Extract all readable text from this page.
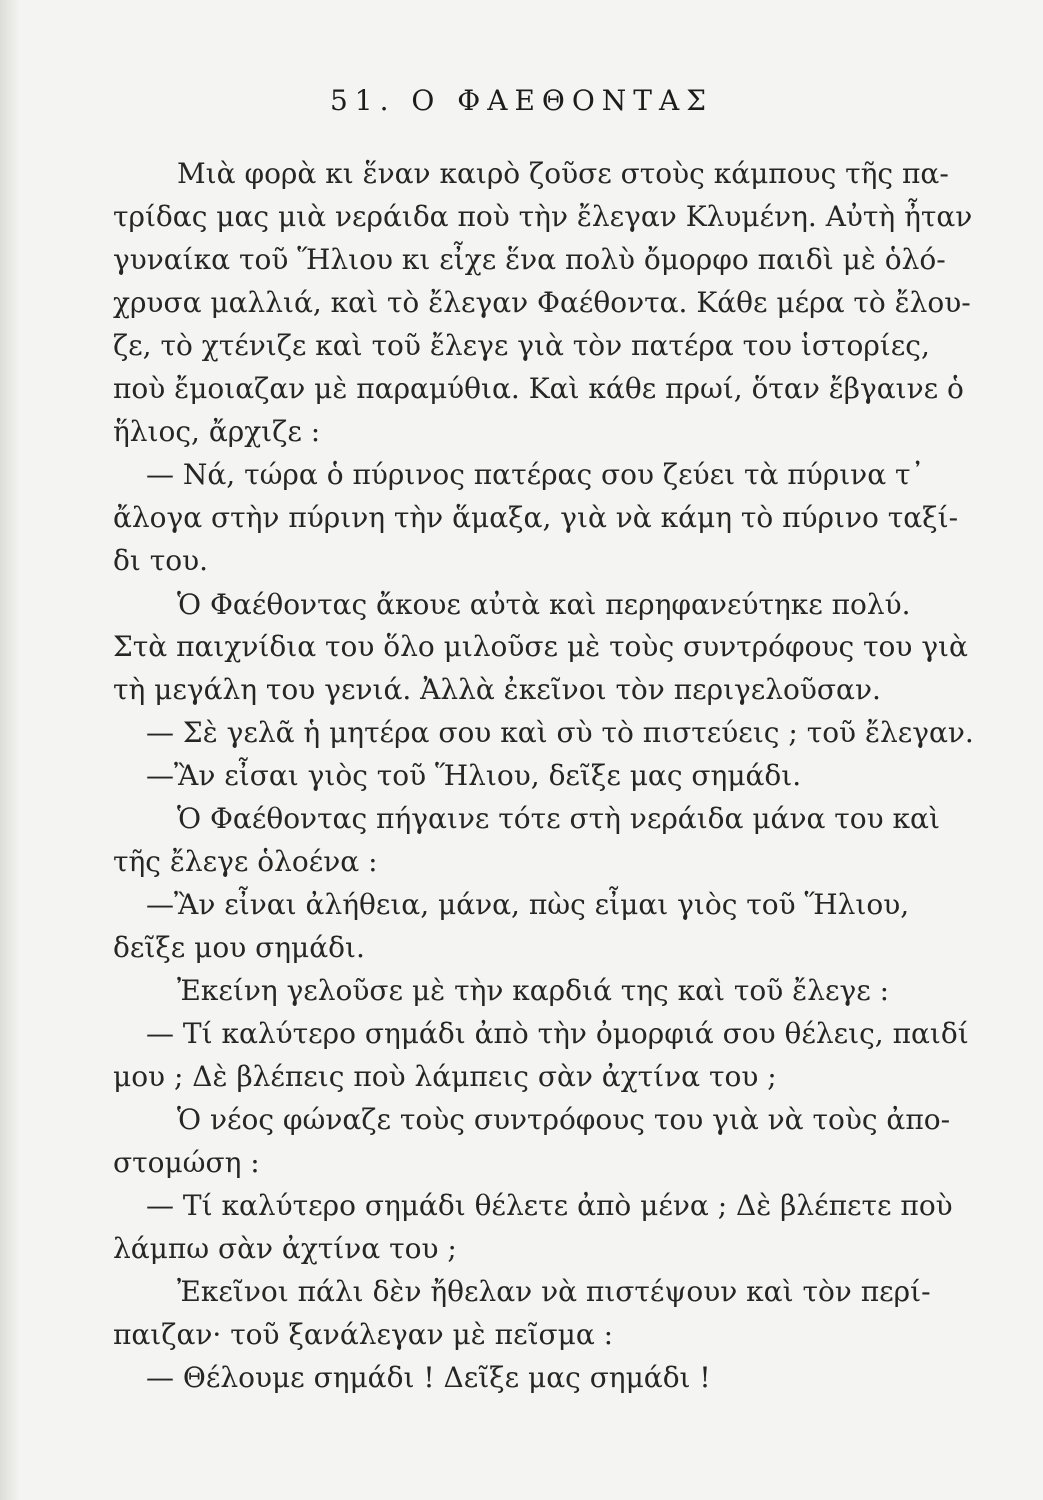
51. Ο ΦΑΕΘΟΝΤΑΣ

Μιὰ φορὰ κι ἕναν καιρὸ ζοῦσε στοὺς κάμπους τῆς πα-

τρίδας μας μιὰ νεράιδα ποὺ τὴν ἔλεγαν Κλυμένη. Αὐτὴ ἦταν

γυναίκα τοῦ Ἥλιου κι εἶχε ἕνα πολὺ ὄμορφο παιδὶ μὲ ὁλό-

χρυσα μαλλιά, καὶ τὸ ἔλεγαν Φαέθοντα. Κάθε μέρα τὸ ἔλου-

ζε, τὸ χτένιζε καὶ τοῦ ἔλεγε γιὰ τὸν πατέρα του ἱστορίες,

ποὺ ἔμοιαζαν μὲ παραμύθια. Καὶ κάθε πρωί, ὅταν ἔβγαινε ὁ

ἥλιος, ἄρχιζε :

— Νά, τώρα ὁ πύρινος πατέρας σου ζεύει τὰ πύρινα τ᾽

ἄλογα στὴν πύρινη τὴν ἅμαξα, γιὰ νὰ κάμη τὸ πύρινο ταξί-

δι του.

Ὁ Φαέθοντας ἄκουε αὐτὰ καὶ περηφανεύτηκε πολύ.

Στὰ παιχνίδια του ὅλο μιλοῦσε μὲ τοὺς συντρόφους του γιὰ

τὴ μεγάλη του γενιά. Ἀλλὰ ἐκεῖνοι τὸν περιγελοῦσαν.

— Σὲ γελᾶ ἡ μητέρα σου καὶ σὺ τὸ πιστεύεις ; τοῦ ἔλεγαν.

—Ἂν εἶσαι γιὸς τοῦ Ἥλιου, δεῖξε μας σημάδι.

Ὁ Φαέθοντας πήγαινε τότε στὴ νεράιδα μάνα του καὶ

τῆς ἔλεγε ὁλοένα :

—Ἂν εἶναι ἀλήθεια, μάνα, πὼς εἶμαι γιὸς τοῦ Ἥλιου,

δεῖξε μου σημάδι.

Ἐκείνη γελοῦσε μὲ τὴν καρδιά της καὶ τοῦ ἔλεγε :

— Τί καλύτερο σημάδι ἀπὸ τὴν ὀμορφιά σου θέλεις, παιδί

μου ; Δὲ βλέπεις ποὺ λάμπεις σὰν ἀχτίνα του ;

Ὁ νέος φώναζε τοὺς συντρόφους του γιὰ νὰ τοὺς ἀπο-

στομώση :

— Τί καλύτερο σημάδι θέλετε ἀπὸ μένα ; Δὲ βλέπετε ποὺ

λάμπω σὰν ἀχτίνα του ;

Ἐκεῖνοι πάλι δὲν ἤθελαν νὰ πιστέψουν καὶ τὸν περί-

παιζαν· τοῦ ξανάλεγαν μὲ πεῖσμα :

— Θέλουμε σημάδι ! Δεῖξε μας σημάδι !
